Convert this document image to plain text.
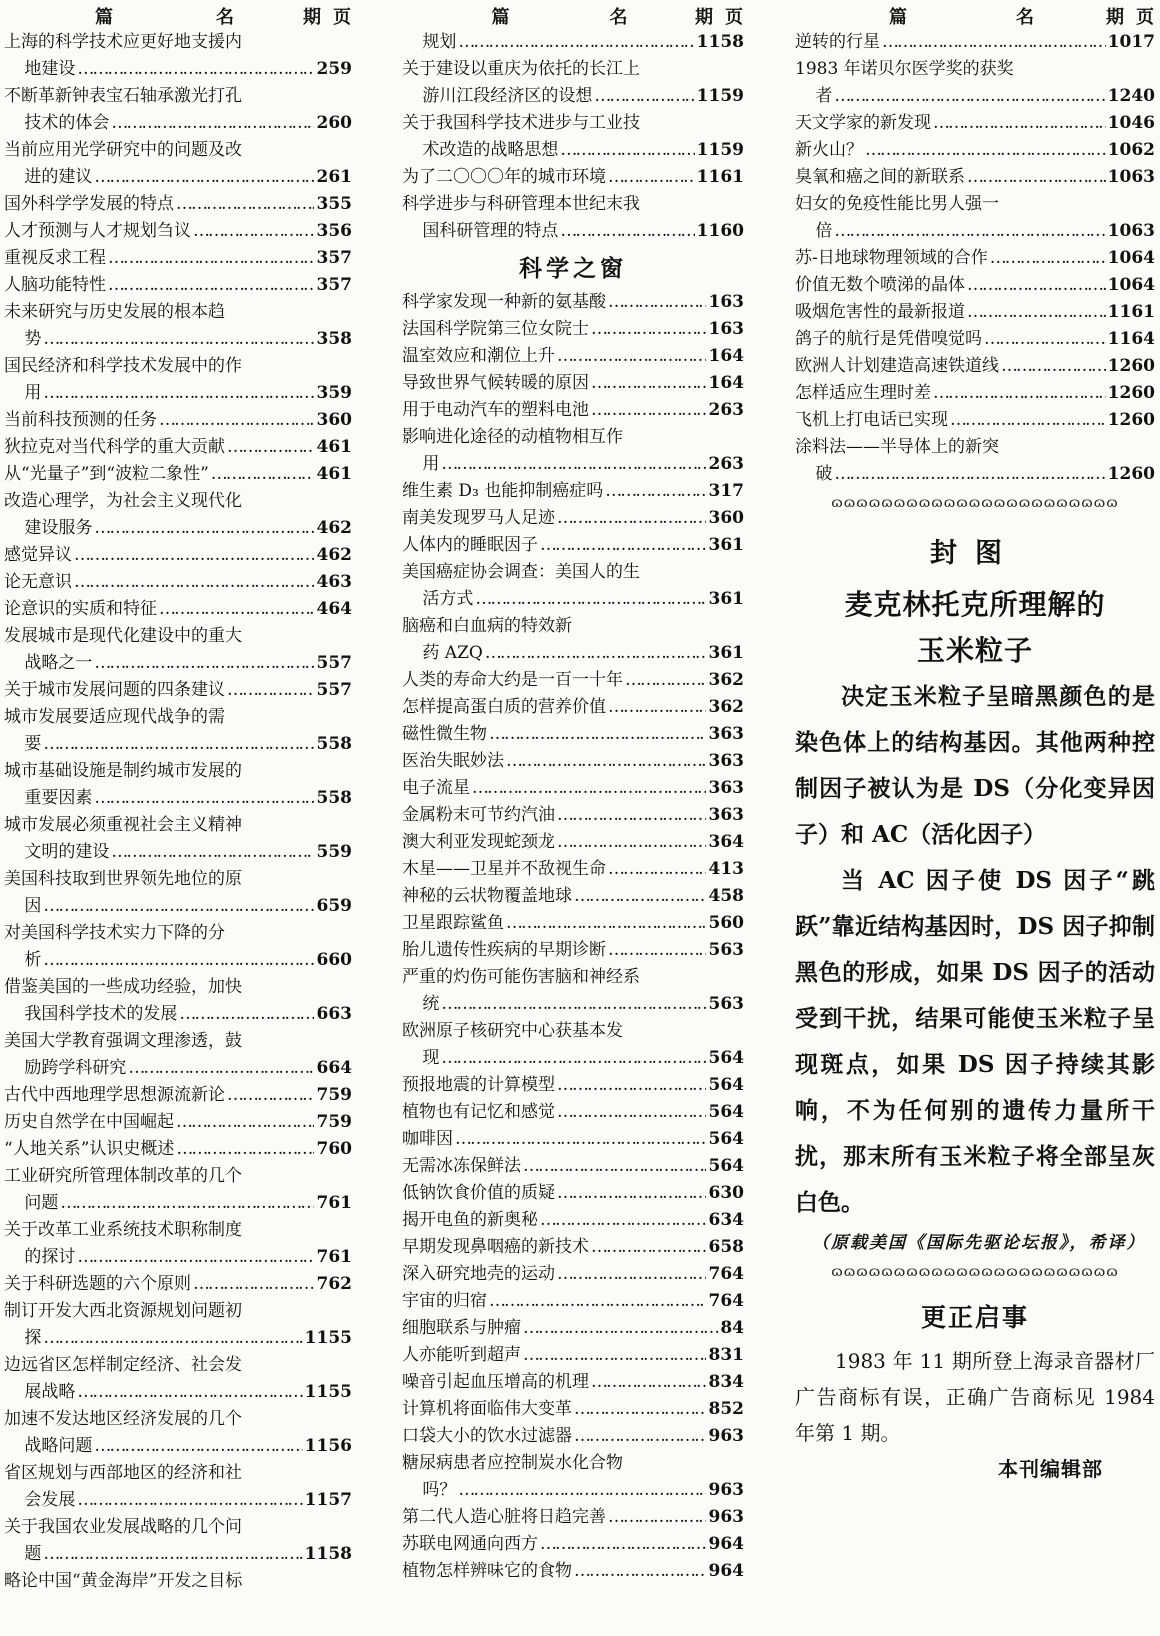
篇	名	期 页
上海的科学技术应更好地支援内
地建设 …………………………………………………………………………………………………………	2 59
不断革新钟表宝石轴承激光打孔
技术的体会 …………………………………………………………………………………………………………	2 60
当前应用光学研究中的问题及改
进的建议 …………………………………………………………………………………………………………	2 61
国外科学学发展的特点 …………………………………………………………………………………………………………	3 55
人才预测与人才规划刍议 …………………………………………………………………………………………………………	3 56
重视反求工程 …………………………………………………………………………………………………………	3 57
人脑功能特性 …………………………………………………………………………………………………………	3 57
未来研究与历史发展的根本趋
势 …………………………………………………………………………………………………………	3 58
国民经济和科学技术发展中的作
用 …………………………………………………………………………………………………………	3 59
当前科技预测的任务 …………………………………………………………………………………………………………	3 60
狄拉克对当代科学的重大贡献 …………………………………………………………………………………………………………	4 61
从“光量子”到“波粒二象性” …………………………………………………………………………………………………………	4 61
改造心理学，为社会主义现代化
建设服务 …………………………………………………………………………………………………………	4 62
感觉异议 …………………………………………………………………………………………………………	4 62
论无意识 …………………………………………………………………………………………………………	4 63
论意识的实质和特征 …………………………………………………………………………………………………………	4 64
发展城市是现代化建设中的重大
战略之一 …………………………………………………………………………………………………………	5 57
关于城市发展问题的四条建议 …………………………………………………………………………………………………………	5 57
城市发展要适应现代战争的需
要 …………………………………………………………………………………………………………	5 58
城市基础设施是制约城市发展的
重要因素 …………………………………………………………………………………………………………	5 58
城市发展必须重视社会主义精神
文明的建设 …………………………………………………………………………………………………………	5 59
美国科技取到世界领先地位的原
因 …………………………………………………………………………………………………………	6 59
对美国科学技术实力下降的分
析 …………………………………………………………………………………………………………	6 60
借鉴美国的一些成功经验，加快
我国科学技术的发展 …………………………………………………………………………………………………………	6 63
美国大学教育强调文理渗透，鼓
励跨学科研究 …………………………………………………………………………………………………………	6 64
古代中西地理学思想源流新论 …………………………………………………………………………………………………………	7 59
历史自然学在中国崛起 …………………………………………………………………………………………………………	7 59
“人地关系”认识史概述 …………………………………………………………………………………………………………	7 60
工业研究所管理体制改革的几个
问题 …………………………………………………………………………………………………………	7 61
关于改革工业系统技术职称制度
的探讨 …………………………………………………………………………………………………………	7 61
关于科研选题的六个原则 …………………………………………………………………………………………………………	7 62
制订开发大西北资源规划问题初
探 …………………………………………………………………………………………………………	11 55
边远省区怎样制定经济、社会发
展战略 …………………………………………………………………………………………………………	11 55
加速不发达地区经济发展的几个
战略问题 …………………………………………………………………………………………………………	11 56
省区规划与西部地区的经济和社
会发展 …………………………………………………………………………………………………………	11 57
关于我国农业发展战略的几个问
题 …………………………………………………………………………………………………………	11 58
略论中国“黄金海岸”开发之目标
篇	名	期 页
规划 …………………………………………………………………………………………………………	11 58
关于建设以重庆为依托的长江上
游川江段经济区的设想 …………………………………………………………………………………………………………	11 59
关于我国科学技术进步与工业技
术改造的战略思想 …………………………………………………………………………………………………………	11 59
为了二〇〇〇年的城市环境 …………………………………………………………………………………………………………	11 61
科学进步与科研管理本世纪末我
国科研管理的特点 …………………………………………………………………………………………………………	11 60
科学之窗
科学家发现一种新的氨基酸 …………………………………………………………………………………………………………	1 63
法国科学院第三位女院士 …………………………………………………………………………………………………………	1 63
温室效应和潮位上升 …………………………………………………………………………………………………………	1 64
导致世界气候转暖的原因 …………………………………………………………………………………………………………	1 64
用于电动汽车的塑料电池 …………………………………………………………………………………………………………	2 63
影响进化途径的动植物相互作
用 …………………………………………………………………………………………………………	2 63
维生素 D₃ 也能抑制癌症吗 …………………………………………………………………………………………………………	3 17
南美发现罗马人足迹 …………………………………………………………………………………………………………	3 60
人体内的睡眠因子 …………………………………………………………………………………………………………	3 61
美国癌症协会调查：美国人的生
活方式 …………………………………………………………………………………………………………	3 61
脑癌和白血病的特效新
药 AZQ …………………………………………………………………………………………………………	3 61
人类的寿命大约是一百一十年 …………………………………………………………………………………………………………	3 62
怎样提高蛋白质的营养价值 …………………………………………………………………………………………………………	3 62
磁性微生物 …………………………………………………………………………………………………………	3 63
医治失眠妙法 …………………………………………………………………………………………………………	3 63
电子流星 …………………………………………………………………………………………………………	3 63
金属粉末可节约汽油 …………………………………………………………………………………………………………	3 63
澳大利亚发现蛇颈龙 …………………………………………………………………………………………………………	3 64
木星——卫星并不敌视生命 …………………………………………………………………………………………………………	4 13
神秘的云状物覆盖地球 …………………………………………………………………………………………………………	4 58
卫星跟踪鲨鱼 …………………………………………………………………………………………………………	5 60
胎儿遗传性疾病的早期诊断 …………………………………………………………………………………………………………	5 63
严重的灼伤可能伤害脑和神经系
统 …………………………………………………………………………………………………………	5 63
欧洲原子核研究中心获基本发
现 …………………………………………………………………………………………………………	5 64
预报地震的计算模型 …………………………………………………………………………………………………………	5 64
植物也有记忆和感觉 …………………………………………………………………………………………………………	5 64
咖啡因 …………………………………………………………………………………………………………	5 64
无需冰冻保鲜法 …………………………………………………………………………………………………………	5 64
低钠饮食价值的质疑 …………………………………………………………………………………………………………	6 30
揭开电鱼的新奥秘 …………………………………………………………………………………………………………	6 34
早期发现鼻咽癌的新技术 …………………………………………………………………………………………………………	6 58
深入研究地壳的运动 …………………………………………………………………………………………………………	7 64
宇宙的归宿 …………………………………………………………………………………………………………	7 64
细胞联系与肿瘤 …………………………………………………………………………………………………………	8 4
人亦能听到超声 …………………………………………………………………………………………………………	8 31
噪音引起血压增高的机理 …………………………………………………………………………………………………………	8 34
计算机将面临伟大变革 …………………………………………………………………………………………………………	8 52
口袋大小的饮水过滤器 …………………………………………………………………………………………………………	9 63
糖尿病患者应控制炭水化合物
吗？ …………………………………………………………………………………………………………	9 63
第二代人造心脏将日趋完善 …………………………………………………………………………………………………………	9 63
苏联电网通向西方 …………………………………………………………………………………………………………	9 64
植物怎样辨味它的食物 …………………………………………………………………………………………………………	9 64
篇	名	期 页
逆转的行星 …………………………………………………………………………………………………………	10 17
1983 年诺贝尔医学奖的获奖
者 …………………………………………………………………………………………………………	12 40
天文学家的新发现 …………………………………………………………………………………………………………	10 46
新火山？ …………………………………………………………………………………………………………	10 62
臭氧和癌之间的新联系 …………………………………………………………………………………………………………	10 63
妇女的免疫性能比男人强一
倍 …………………………………………………………………………………………………………	10 63
苏-日地球物理领域的合作 …………………………………………………………………………………………………………	10 64
价值无数个喷涕的晶体 …………………………………………………………………………………………………………	10 64
吸烟危害性的最新报道 …………………………………………………………………………………………………………	11 61
鸽子的航行是凭借嗅觉吗 …………………………………………………………………………………………………………	11 64
欧洲人计划建造高速铁道线 …………………………………………………………………………………………………………	12 60
怎样适应生理时差 …………………………………………………………………………………………………………	12 60
飞机上打电话已实现 …………………………………………………………………………………………………………	12 60
涂料法——半导体上的新突
破 …………………………………………………………………………………………………………	12 60
ɷɷɷɷɷɷɷɷɷɷɷɷɷɷɷɷɷɷɷɷɷɷɷ
封图
麦克林托克所理解的
玉米粒子

决定玉米粒子呈暗黑颜色的是染色体上的结构基因。其他两种控制因子被认为是 DS（分化变异因子）和 AC（活化因子）

当 AC 因子使 DS 因子“跳跃”靠近结构基因时，DS 因子抑制黑色的形成，如果 DS 因子的活动受到干扰，结果可能使玉米粒子呈现斑点，如果 DS 因子持续其影响，不为任何别的遗传力量所干扰，那末所有玉米粒子将全部呈灰白色。

（原载美国《国际先驱论坛报》，希译）
ɷɷɷɷɷɷɷɷɷɷɷɷɷɷɷɷɷɷɷɷɷɷɷ
更正启事

1983 年 11 期所登上海录音器材厂广告商标有误，正确广告商标见 1984 年第 1 期。

本刊编辑部
